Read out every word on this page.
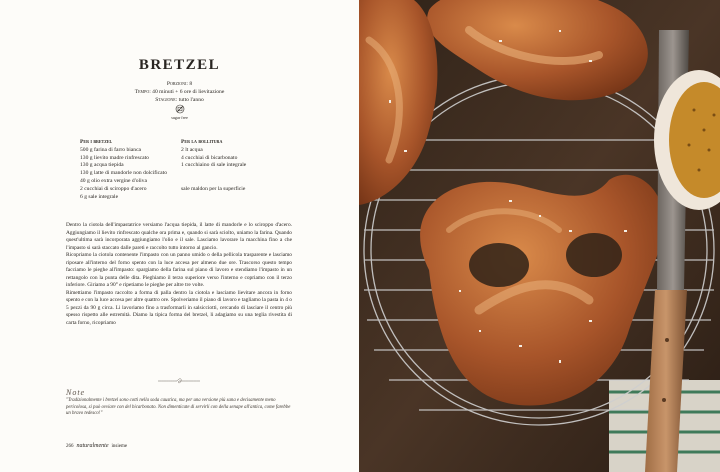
BRETZEL
Porzioni: 8
Tempo: 40 minuti + 6 ore di lievitazione
Stagione: tutto l'anno
sugar free
Per i bretzel
500 g farina di farro bianca
130 g lievito madre rinfrescato
130 g acqua tiepida
130 g latte di mandorle non dolcificato
40 g olio extra vergine d'oliva
2 cucchiai di sciroppo d'acero
6 g sale integrale
Per la bollitura
2 lt acqua
4 cucchiai di bicarbonato
1 cucchiaino di sale integrale

sale maldon per la superficie

Dentro la ciotola dell'impastatrice versiamo l'acqua tiepida, il latte di mandorle e lo sciroppo d'acero. Aggiungiamo il lievito rinfrescato qualche ora prima e, quando si sarà sciolto, uniamo la farina. Quando quest'ultima sarà incorporata aggiungiamo l'olio e il sale. Lasciamo lavorare la macchina fino a che l'impasto si sarà staccato dalle pareti e raccolto tutto intorno al gancio.

Ricopriamo la ciotola contenente l'impasto con un panno umido o della pellicola trasparente e lasciamo riposare all'interno del forno spento con la luce accesa per almeno due ore. Trascorso questo tempo facciamo le pieghe all'impasto: spargiamo della farina sul piano di lavoro e stendiamo l'impasto in un rettangolo con la punta delle dita. Pieghiamo il terzo superiore verso l'interno e copriamo con il terzo inferiore. Giriamo a 90° e ripetiamo le pieghe per altre tre volte.

Rimettiamo l'impasto raccolto a forma di palla dentro la ciotola e lasciamo lievitare ancora in forno spento e con la luce accesa per altre quattro ore. Spolveriamo il piano di lavoro e tagliamo la pasta in 4 o 5 pezzi da 90 g circa. Li lavoriamo fino a trasformarli in salsicciotti, cercando di lasciare il centro più spesso rispetto alle estremità. Diamo la tipica forma del bretzel, li adagiamo su una teglia rivestita di carta forno, ricopriamo

Note
"Tradizionalmente i bretzel sono cotti nella soda caustica, ma per una versione più sana e decisamente meno pericolosa, si può ovviare con del bicarbonato. Non dimenticate di servirli con della senape all'antica, come farebbe un bravo tedesco!"
266 naturalmente insieme
